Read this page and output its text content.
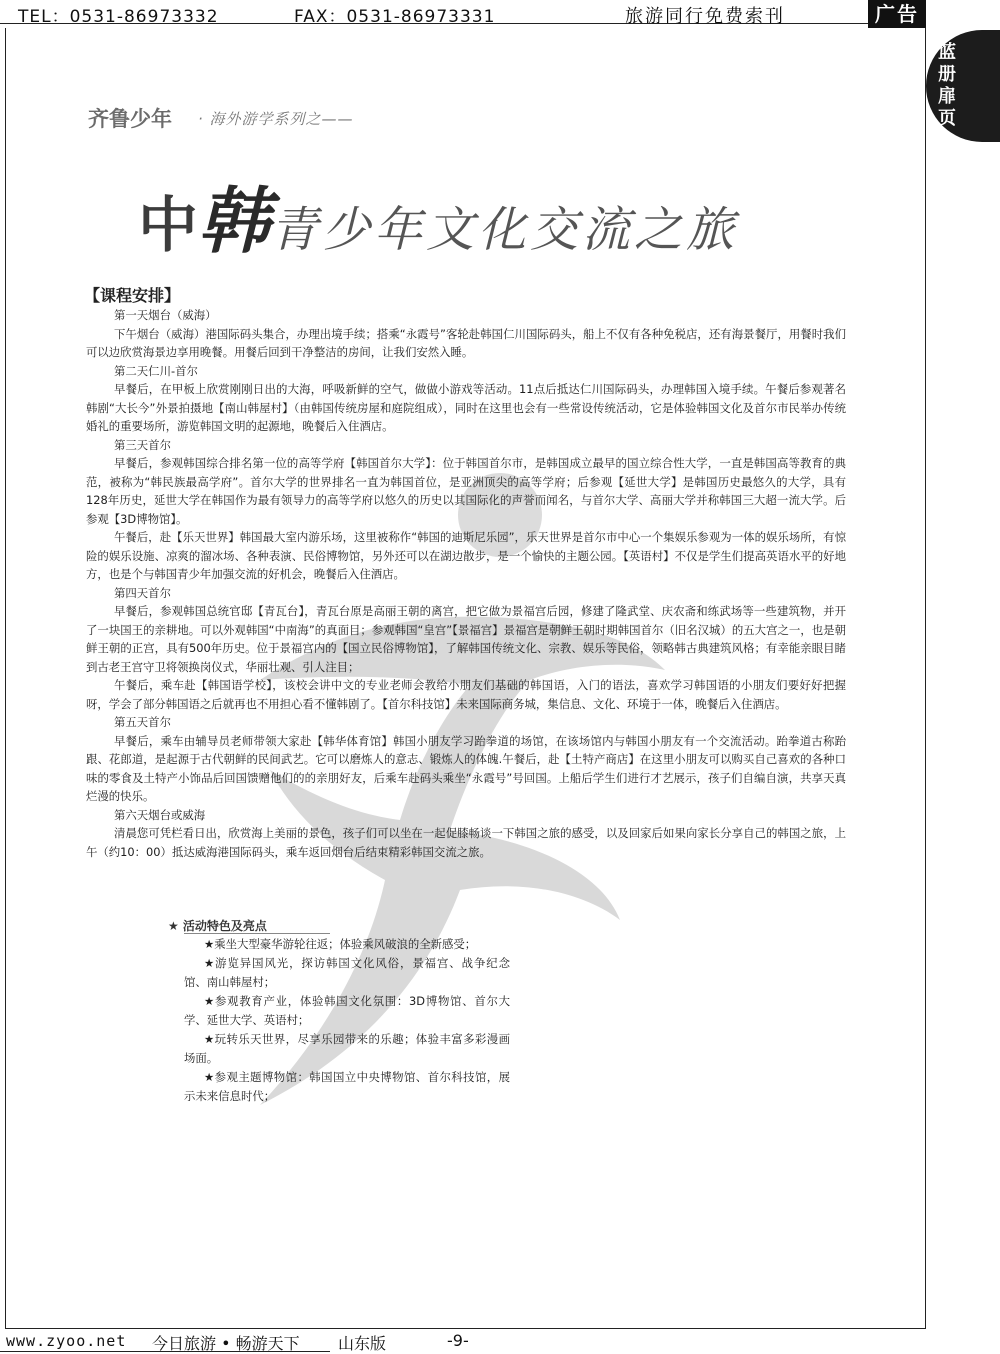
TEL：0531-86973332	FAX：0531-86973331	旅游同行免费索刊	广告
蓝册扉页
齐鲁少年 · 海外游学系列之——
中韩青少年文化交流之旅
【课程安排】

第一天烟台（威海）

下午烟台（威海）港国际码头集合，办理出境手续；搭乘“永霞号”客轮赴韩国仁川国际码头，船上不仅有各种免税店，还有海景餐厅，用餐时我们可以边欣赏海景边享用晚餐。用餐后回到干净整洁的房间，让我们安然入睡。

第二天仁川-首尔

早餐后，在甲板上欣赏刚刚日出的大海，呼吸新鲜的空气，做做小游戏等活动。11点后抵达仁川国际码头，办理韩国入境手续。午餐后参观著名韩剧“大长今”外景拍摄地【南山韩屋村】（由韩国传统房屋和庭院组成），同时在这里也会有一些常设传统活动，它是体验韩国文化及首尔市民举办传统婚礼的重要场所，游览韩国文明的起源地，晚餐后入住酒店。

第三天首尔

早餐后，参观韩国综合排名第一位的高等学府【韩国首尔大学】：位于韩国首尔市，是韩国成立最早的国立综合性大学，一直是韩国高等教育的典范，被称为“韩民族最高学府”。首尔大学的世界排名一直为韩国首位，是亚洲顶尖的高等学府；后参观【延世大学】是韩国历史最悠久的大学，具有128年历史，延世大学在韩国作为最有领导力的高等学府以悠久的历史以其国际化的声誉而闻名，与首尔大学、高丽大学并称韩国三大超一流大学。后参观【3D博物馆】。

午餐后，赴【乐天世界】韩国最大室内游乐场，这里被称作“韩国的迪斯尼乐园”，乐天世界是首尔市中心一个集娱乐参观为一体的娱乐场所，有惊险的娱乐设施、凉爽的溜冰场、各种表演、民俗博物馆，另外还可以在湖边散步，是一个愉快的主题公园。【英语村】不仅是学生们提高英语水平的好地方，也是个与韩国青少年加强交流的好机会，晚餐后入住酒店。

第四天首尔

早餐后，参观韩国总统官邸【青瓦台】，青瓦台原是高丽王朝的离宫，把它做为景福宫后园，修建了隆武堂、庆农斋和练武场等一些建筑物，并开了一块国王的亲耕地。可以外观韩国“中南海”的真面目；参观韩国“皇宫”【景福宫】景福宫是朝鲜王朝时期韩国首尔（旧名汉城）的五大宫之一，也是朝鲜王朝的正宫，具有500年历史。位于景福宫内的【国立民俗博物馆】，了解韩国传统文化、宗教、娱乐等民俗，领略韩古典建筑风格；有幸能亲眼目睹到古老王宫守卫将领换岗仪式，华丽壮观、引人注目；

午餐后，乘车赴【韩国语学校】，该校会讲中文的专业老师会教给小朋友们基础的韩国语，入门的语法，喜欢学习韩国语的小朋友们要好好把握呀，学会了部分韩国语之后就再也不用担心看不懂韩剧了。【首尔科技馆】未来国际商务城，集信息、文化、环境于一体，晚餐后入住酒店。

第五天首尔

早餐后，乘车由辅导员老师带领大家赴【韩华体育馆】韩国小朋友学习跆拳道的场馆，在该场馆内与韩国小朋友有一个交流活动。跆拳道古称跆跟、花郎道，是起源于古代朝鲜的民间武艺。它可以磨炼人的意志、锻炼人的体魄.午餐后，赴【土特产商店】在这里小朋友可以购买自己喜欢的各种口味的零食及土特产小饰品后回国馈赠他们的的亲朋好友，后乘车赴码头乘坐“永霞号”号回国。上船后学生们进行才艺展示，孩子们自编自演，共享天真烂漫的快乐。

第六天烟台或威海

清晨您可凭栏看日出，欣赏海上美丽的景色，孩子们可以坐在一起促膝畅谈一下韩国之旅的感受，以及回家后如果向家长分享自己的韩国之旅，上午（约10：00）抵达威海港国际码头，乘车返回烟台后结束精彩韩国交流之旅。

★ 活动特色及亮点

★乘坐大型豪华游轮往返；体验乘风破浪的全新感受；

★游览异国风光，探访韩国文化风俗，景福宫、战争纪念馆、南山韩屋村；

★参观教育产业，体验韩国文化氛围：3D博物馆、首尔大学、延世大学、英语村；

★玩转乐天世界，尽享乐园带来的乐趣；体验丰富多彩漫画场面。

★参观主题博物馆：韩国国立中央博物馆、首尔科技馆，展示未来信息时代；

www.zyoo.net 今日旅游 • 畅游天下 山东版	-9-
